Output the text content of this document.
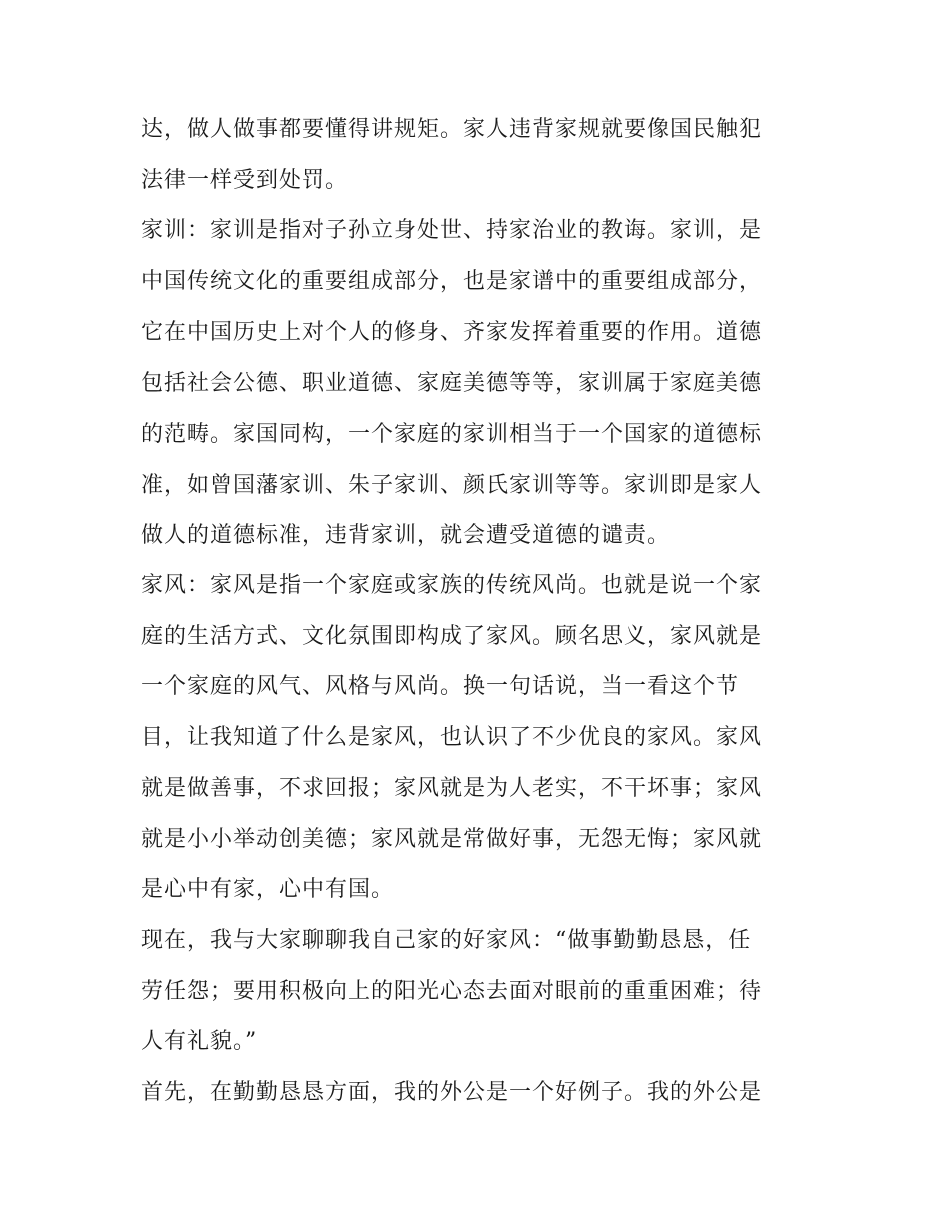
达，做人做事都要懂得讲规矩。家人违背家规就要像国民触犯
法律一样受到处罚。
家训：家训是指对子孙立身处世、持家治业的教诲。家训，是
中国传统文化的重要组成部分，也是家谱中的重要组成部分，
它在中国历史上对个人的修身、齐家发挥着重要的作用。道德
包括社会公德、职业道德、家庭美德等等，家训属于家庭美德
的范畴。家国同构，一个家庭的家训相当于一个国家的道德标
准，如曾国藩家训、朱子家训、颜氏家训等等。家训即是家人
做人的道德标准，违背家训，就会遭受道德的谴责。
家风：家风是指一个家庭或家族的传统风尚。也就是说一个家
庭的生活方式、文化氛围即构成了家风。顾名思义，家风就是
一个家庭的风气、风格与风尚。换一句话说，当一看这个节
目，让我知道了什么是家风，也认识了不少优良的家风。家风
就是做善事，不求回报；家风就是为人老实，不干坏事；家风
就是小小举动创美德；家风就是常做好事，无怨无悔；家风就
是心中有家，心中有国。
现在，我与大家聊聊我自己家的好家风：“做事勤勤恳恳，任
劳任怨；要用积极向上的阳光心态去面对眼前的重重困难；待
人有礼貌。”
首先，在勤勤恳恳方面，我的外公是一个好例子。我的外公是
